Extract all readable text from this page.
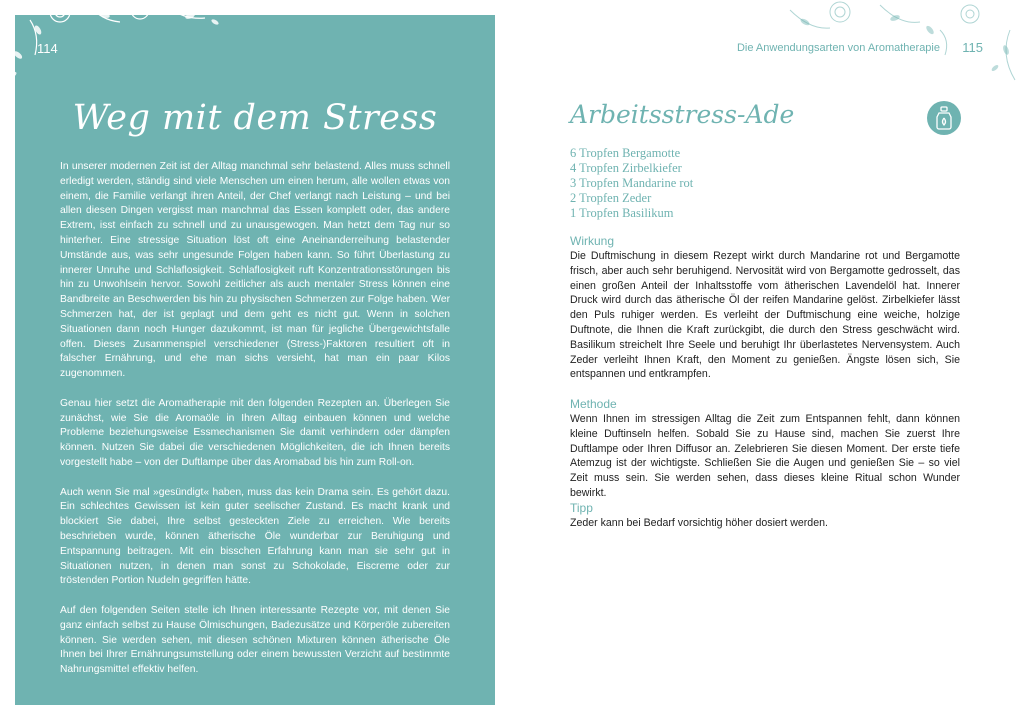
114
Weg mit dem Stress

In unserer modernen Zeit ist der Alltag manchmal sehr belastend. Alles muss schnell erledigt werden, ständig sind viele Menschen um einen herum, alle wollen etwas von einem, die Familie verlangt ihren Anteil, der Chef verlangt nach Leistung – und bei allen diesen Dingen vergisst man manchmal das Essen komplett oder, das andere Extrem, isst einfach zu schnell und zu unausgewogen. Man hetzt dem Tag nur so hinterher. Eine stressige Situation löst oft eine Aneinanderreihung belastender Umstände aus, was sehr ungesunde Folgen haben kann. So führt Überlastung zu innerer Unruhe und Schlaflosigkeit. Schlaflosigkeit ruft Konzentrationsstörungen bis hin zu Unwohlsein hervor. Sowohl zeitlicher als auch mentaler Stress können eine Bandbreite an Beschwerden bis hin zu physischen Schmerzen zur Folge haben. Wer Schmerzen hat, der ist geplagt und dem geht es nicht gut. Wenn in solchen Situationen dann noch Hunger dazukommt, ist man für jegliche Übergewichtsfalle offen. Dieses Zusammenspiel verschiedener (Stress-)Faktoren resultiert oft in falscher Ernährung, und ehe man sichs versieht, hat man ein paar Kilos zugenommen.

Genau hier setzt die Aromatherapie mit den folgenden Rezepten an. Überlegen Sie zunächst, wie Sie die Aromaöle in Ihren Alltag einbauen können und welche Probleme beziehungsweise Essmechanismen Sie damit verhindern oder dämpfen können. Nutzen Sie dabei die verschiedenen Möglichkeiten, die ich Ihnen bereits vorgestellt habe – von der Duftlampe über das Aromabad bis hin zum Roll-on.

Auch wenn Sie mal »gesündigt« haben, muss das kein Drama sein. Es gehört dazu. Ein schlechtes Gewissen ist kein guter seelischer Zustand. Es macht krank und blockiert Sie dabei, Ihre selbst gesteckten Ziele zu erreichen. Wie bereits beschrieben wurde, können ätherische Öle wunderbar zur Beruhigung und Entspannung beitragen. Mit ein bisschen Erfahrung kann man sie sehr gut in Situationen nutzen, in denen man sonst zu Schokolade, Eiscreme oder zur tröstenden Portion Nudeln gegriffen hätte.

Auf den folgenden Seiten stelle ich Ihnen interessante Rezepte vor, mit denen Sie ganz einfach selbst zu Hause Ölmischungen, Badezusätze und Körperöle zubereiten können. Sie werden sehen, mit diesen schönen Mixturen können ätherische Öle Ihnen bei Ihrer Ernährungsumstellung oder einem bewussten Verzicht auf bestimmte Nahrungsmittel effektiv helfen.

Die Anwendungsarten von Aromatherapie 115
Arbeitsstress-Ade
6 Tropfen Bergamotte
4 Tropfen Zirbelkiefer
3 Tropfen Mandarine rot
2 Tropfen Zeder
1 Tropfen Basilikum
Wirkung
Die Duftmischung in diesem Rezept wirkt durch Mandarine rot und Bergamotte frisch, aber auch sehr beruhigend. Nervosität wird von Bergamotte gedrosselt, das einen großen Anteil der Inhaltsstoffe vom ätherischen Lavendelöl hat. Innerer Druck wird durch das ätherische Öl der reifen Mandarine gelöst. Zirbelkiefer lässt den Puls ruhiger werden. Es verleiht der Duftmischung eine weiche, holzige Duftnote, die Ihnen die Kraft zurückgibt, die durch den Stress geschwächt wird. Basilikum streichelt Ihre Seele und beruhigt Ihr überlastetes Nervensystem. Auch Zeder verleiht Ihnen Kraft, den Moment zu genießen. Ängste lösen sich, Sie entspannen und entkrampfen.
Methode
Wenn Ihnen im stressigen Alltag die Zeit zum Entspannen fehlt, dann können kleine Duftinseln helfen. Sobald Sie zu Hause sind, machen Sie zuerst Ihre Duftlampe oder Ihren Diffusor an. Zelebrieren Sie diesen Moment. Der erste tiefe Atemzug ist der wichtigste. Schließen Sie die Augen und genießen Sie – so viel Zeit muss sein. Sie werden sehen, dass dieses kleine Ritual schon Wunder bewirkt.
Tipp
Zeder kann bei Bedarf vorsichtig höher dosiert werden.
